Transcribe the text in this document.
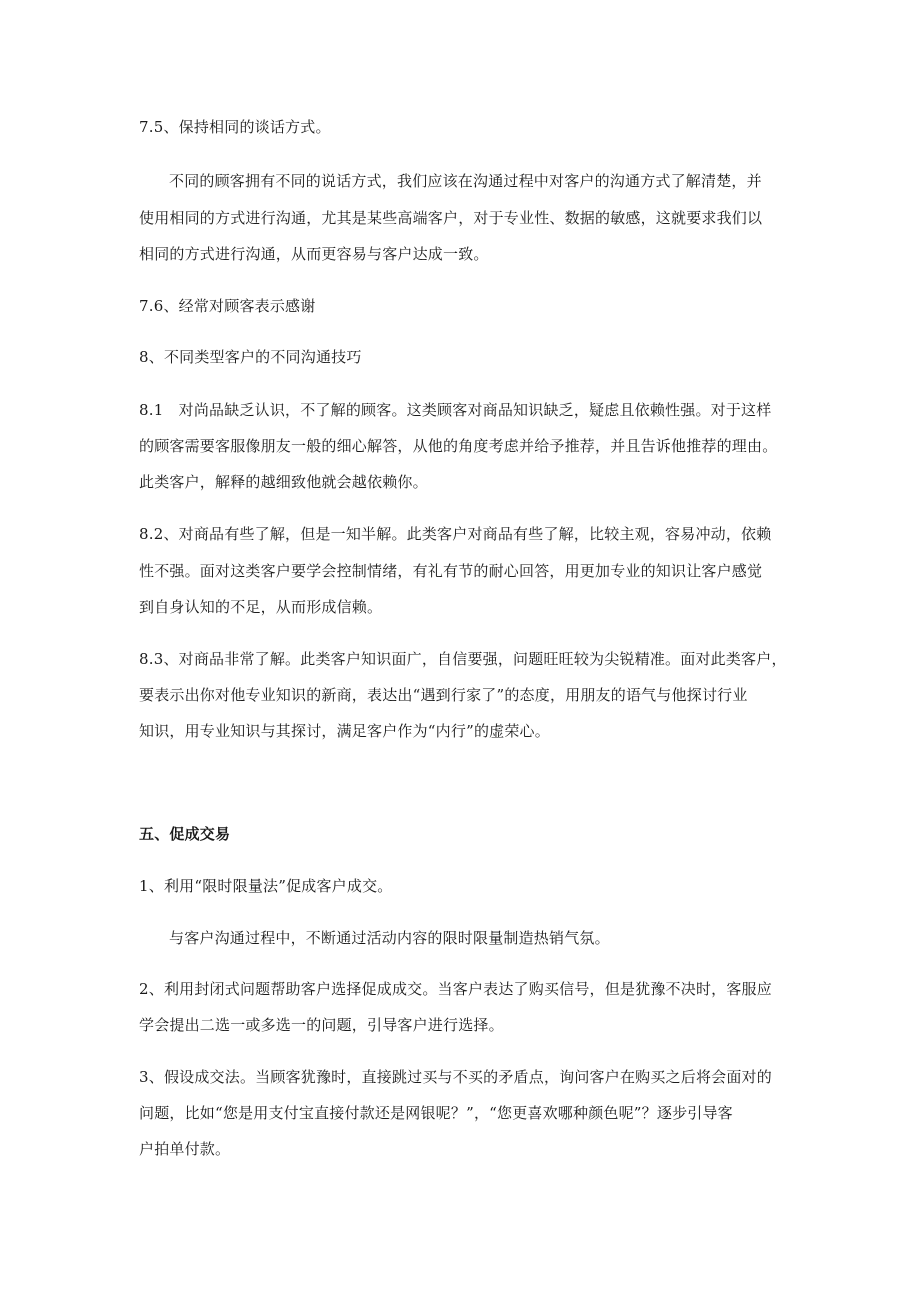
7.5、保持相同的谈话方式。
不同的顾客拥有不同的说话方式，我们应该在沟通过程中对客户的沟通方式了解清楚，并
使用相同的方式进行沟通，尤其是某些高端客户，对于专业性、数据的敏感，这就要求我们以
相同的方式进行沟通，从而更容易与客户达成一致。
7.6、经常对顾客表示感谢
8、不同类型客户的不同沟通技巧
8.1　对尚品缺乏认识，不了解的顾客。这类顾客对商品知识缺乏，疑虑且依赖性强。对于这样
的顾客需要客服像朋友一般的细心解答，从他的角度考虑并给予推荐，并且告诉他推荐的理由。
此类客户，解释的越细致他就会越依赖你。
8.2、对商品有些了解，但是一知半解。此类客户对商品有些了解，比较主观，容易冲动，依赖
性不强。面对这类客户要学会控制情绪，有礼有节的耐心回答，用更加专业的知识让客户感觉
到自身认知的不足，从而形成信赖。
8.3、对商品非常了解。此类客户知识面广，自信要强，问题旺旺较为尖锐精准。面对此类客户，
要表示出你对他专业知识的新商，表达出“遇到行家了”的态度，用朋友的语气与他探讨行业
知识，用专业知识与其探讨，满足客户作为“内行”的虚荣心。
五、促成交易
1、利用“限时限量法”促成客户成交。
与客户沟通过程中，不断通过活动内容的限时限量制造热销气氛。
2、利用封闭式问题帮助客户选择促成成交。当客户表达了购买信号，但是犹豫不决时，客服应
学会提出二选一或多选一的问题，引导客户进行选择。
3、假设成交法。当顾客犹豫时，直接跳过买与不买的矛盾点，询问客户在购买之后将会面对的
问题，比如“您是用支付宝直接付款还是网银呢？”，“您更喜欢哪种颜色呢”？逐步引导客
户拍单付款。
